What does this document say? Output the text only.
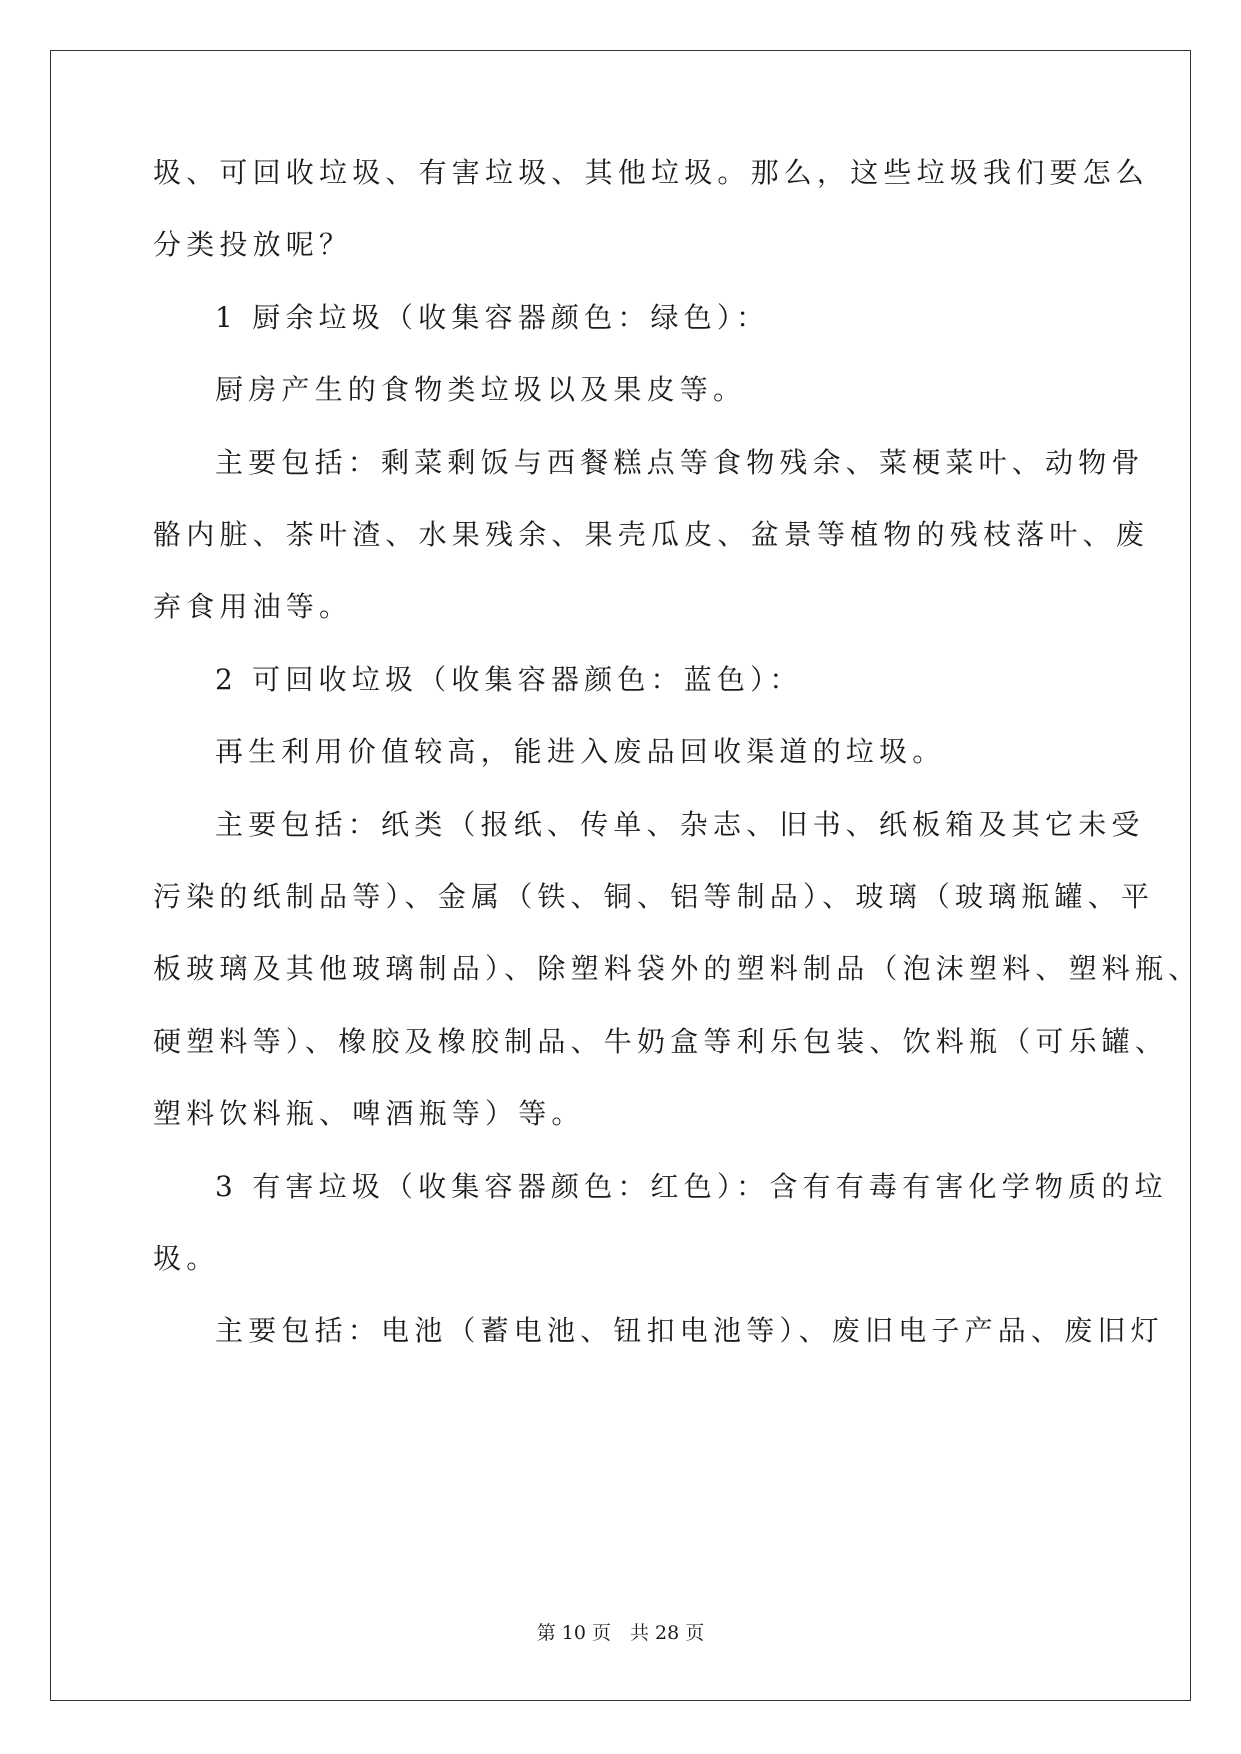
圾、可回收垃圾、有害垃圾、其他垃圾。那么，这些垃圾我们要怎么
分类投放呢？
1 厨余垃圾（收集容器颜色：绿色）：
厨房产生的食物类垃圾以及果皮等。
主要包括：剩菜剩饭与西餐糕点等食物残余、菜梗菜叶、动物骨
骼内脏、茶叶渣、水果残余、果壳瓜皮、盆景等植物的残枝落叶、废
弃食用油等。
2 可回收垃圾（收集容器颜色：蓝色）：
再生利用价值较高，能进入废品回收渠道的垃圾。
主要包括：纸类（报纸、传单、杂志、旧书、纸板箱及其它未受
污染的纸制品等）、金属（铁、铜、铝等制品）、玻璃（玻璃瓶罐、平
板玻璃及其他玻璃制品）、除塑料袋外的塑料制品（泡沫塑料、塑料瓶、
硬塑料等）、橡胶及橡胶制品、牛奶盒等利乐包装、饮料瓶（可乐罐、
塑料饮料瓶、啤酒瓶等）等。
3 有害垃圾（收集容器颜色：红色）：含有有毒有害化学物质的垃
圾。
主要包括：电池（蓄电池、钮扣电池等）、废旧电子产品、废旧灯
第 10 页　共 28 页
